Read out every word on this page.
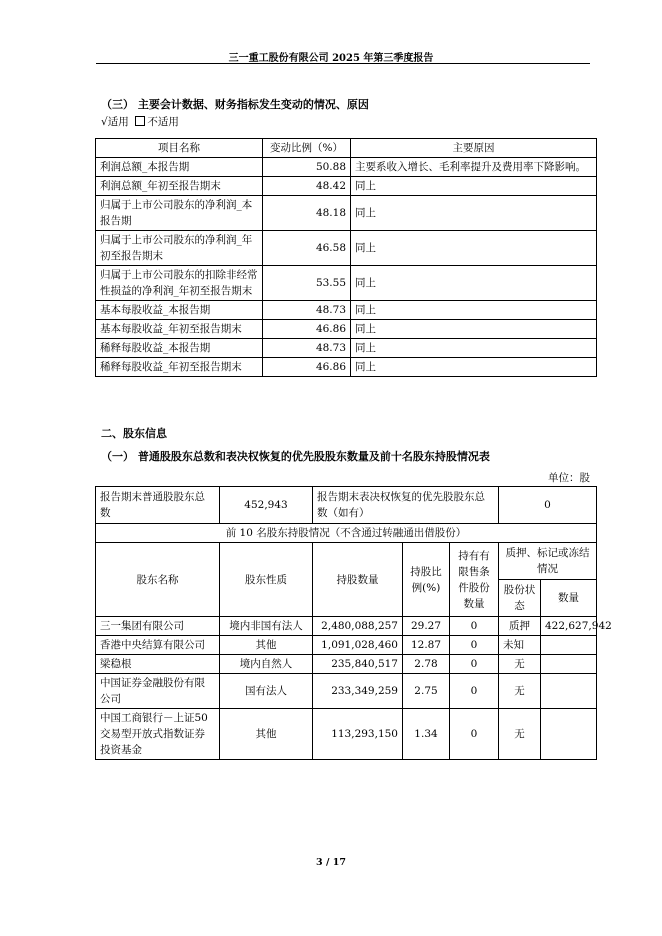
三一重工股份有限公司 2025 年第三季度报告
（三） 主要会计数据、财务指标发生变动的情况、原因
√适用 不适用
项目名称	变动比例（%）	主要原因
利润总额_本报告期	50.88	主要系收入增长、毛利率提升及费用率下降影响。
利润总额_年初至报告期末	48.42	同上
归属于上市公司股东的净利润_本报告期	48.18	同上
归属于上市公司股东的净利润_年初至报告期末	46.58	同上
归属于上市公司股东的扣除非经常性损益的净利润_年初至报告期末	53.55	同上
基本每股收益_本报告期	48.73	同上
基本每股收益_年初至报告期末	46.86	同上
稀释每股收益_本报告期	48.73	同上
稀释每股收益_年初至报告期末	46.86	同上
二、股东信息
（一） 普通股股东总数和表决权恢复的优先股股东数量及前十名股东持股情况表
单位：股
报告期末普通股股东总数	452,943	报告期末表决权恢复的优先股股东总数（如有）			0	
前 10 名股东持股情况（不含通过转融通出借股份）						
股东名称	股东性质	持股数量	持股比例(%)	持有有限售条件股份数量	质押、标记或冻结情况	
					股份状态	数量
三一集团有限公司	境内非国有法人	2,480,088,257	29.27	0	质押	422,627,942
香港中央结算有限公司	其他	1,091,028,460	12.87	0	未知	
梁稳根	境内自然人	235,840,517	2.78	0	无	
中国证券金融股份有限公司	国有法人	233,349,259	2.75	0	无	
中国工商银行－上证50交易型开放式指数证券投资基金	其他	113,293,150	1.34	0	无	
3 / 17
